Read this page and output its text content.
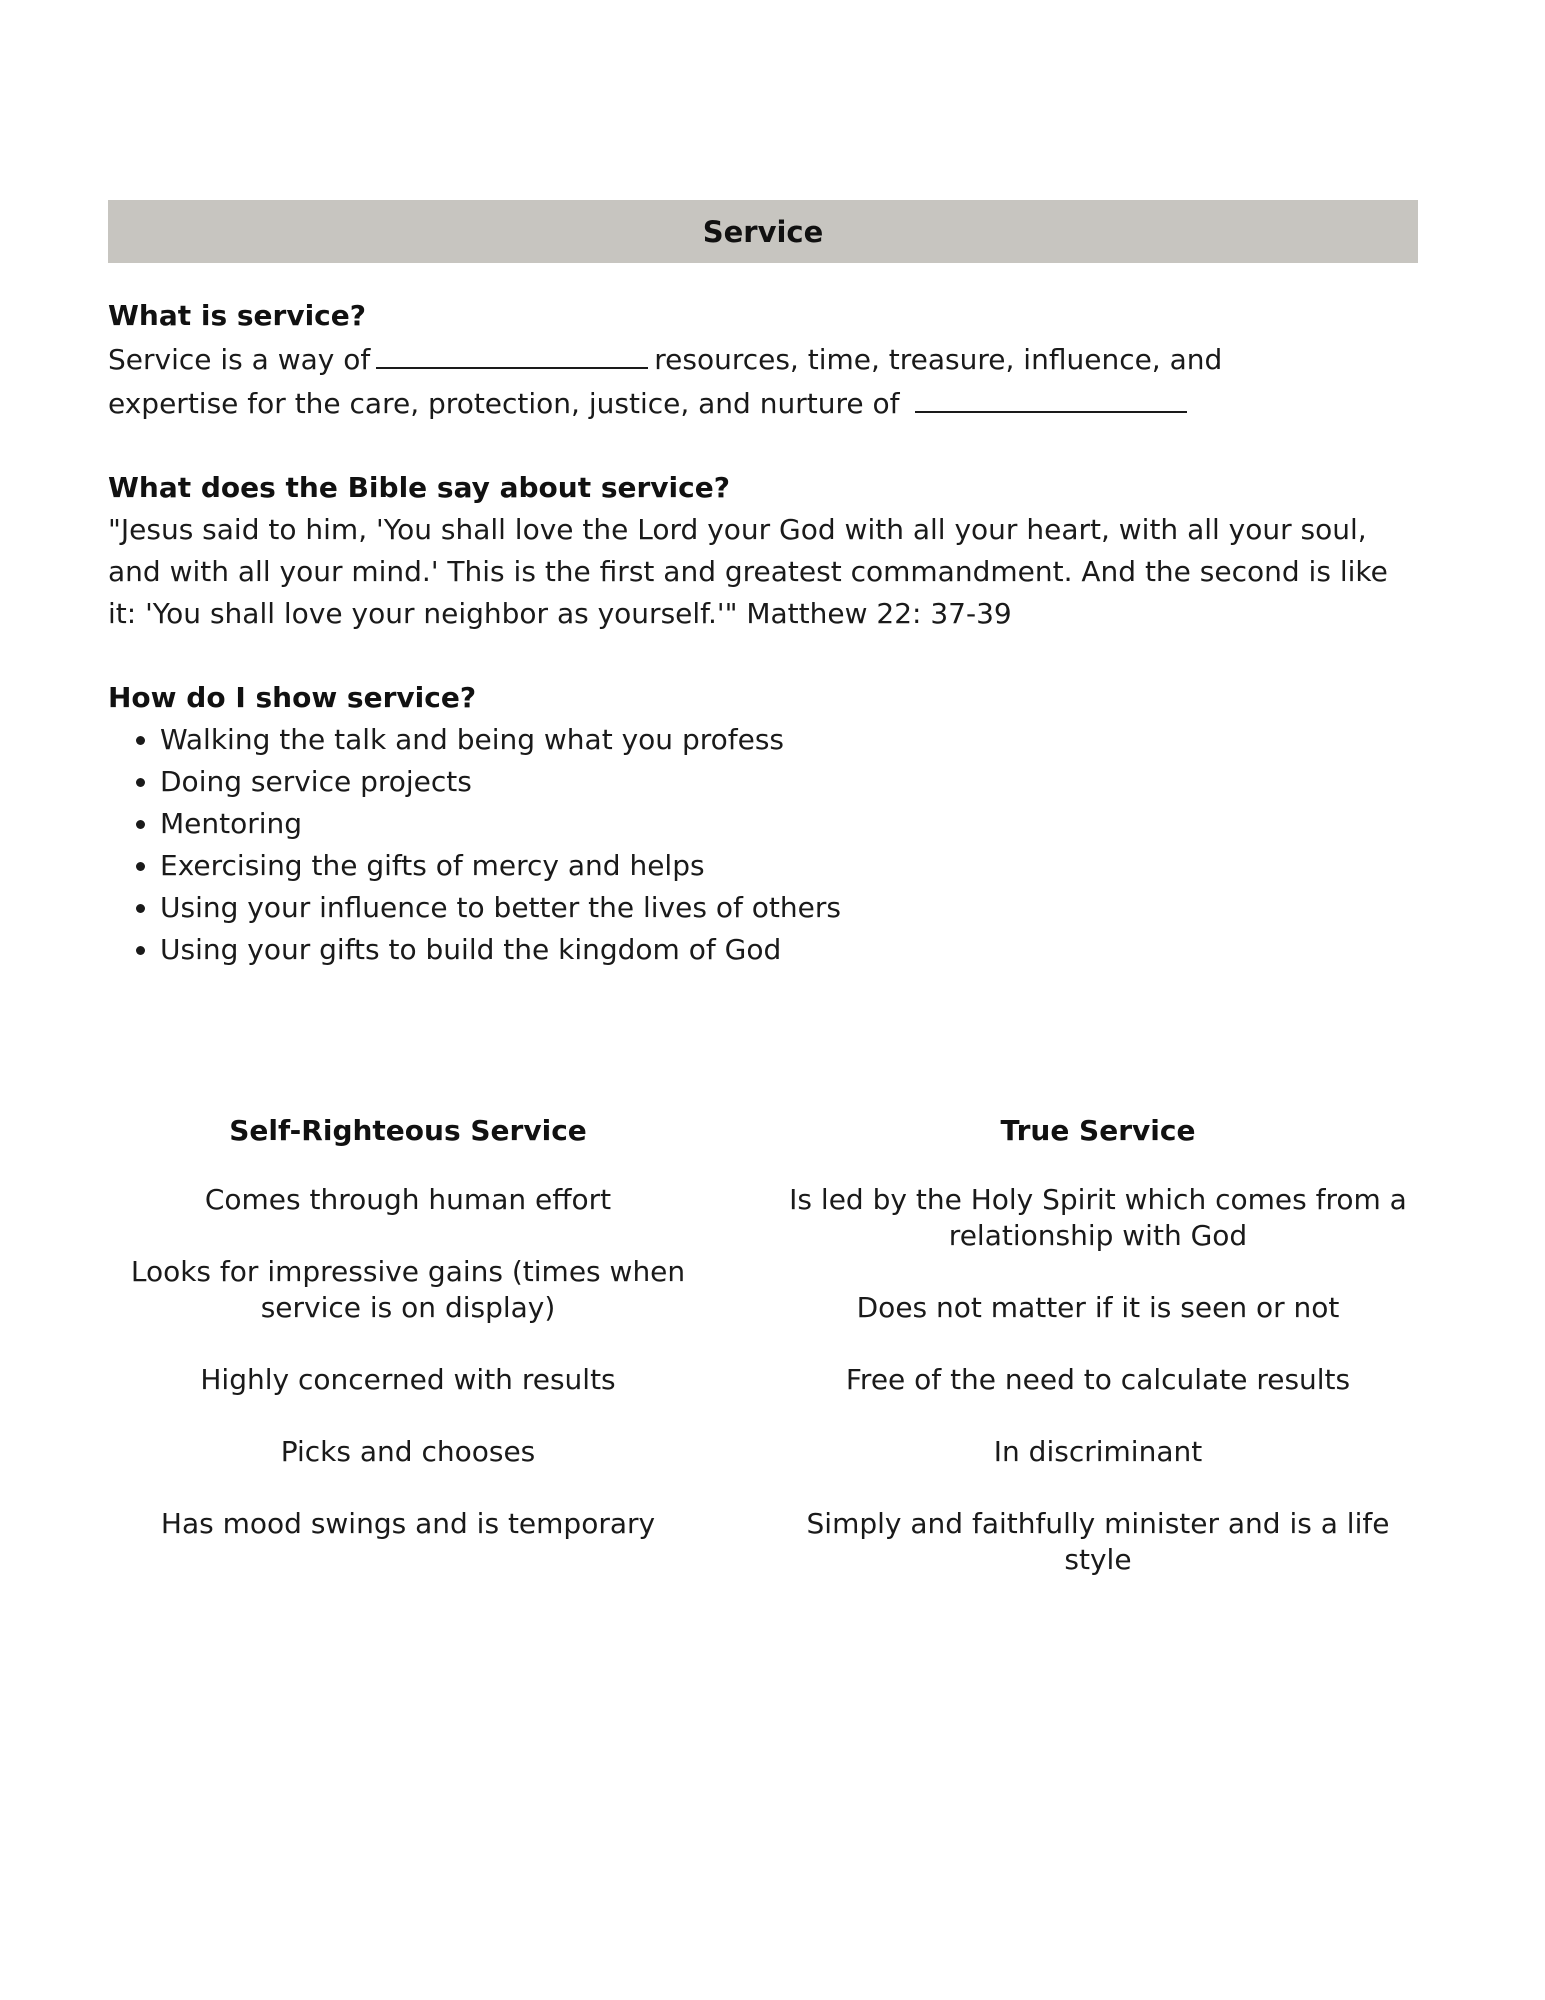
Service
What is service?
Service is a way of	resources, time, treasure, influence, and
expertise for the care, protection, justice, and nurture of
What does the Bible say about service?
"Jesus said to him, 'You shall love the Lord your God with all your heart, with all your soul, and with all your mind.' This is the first and greatest commandment. And the second is like it: 'You shall love your neighbor as yourself.'" Matthew 22: 37-39
How do I show service?
• Walking the talk and being what you profess
• Doing service projects
• Mentoring
• Exercising the gifts of mercy and helps
• Using your influence to better the lives of others
• Using your gifts to build the kingdom of God
Self-Righteous Service
Comes through human effort
Looks for impressive gains (times when service is on display)
Highly concerned with results
Picks and chooses
Has mood swings and is temporary
True Service
Is led by the Holy Spirit which comes from a relationship with God
Does not matter if it is seen or not
Free of the need to calculate results
In discriminant
Simply and faithfully minister and is a life style
